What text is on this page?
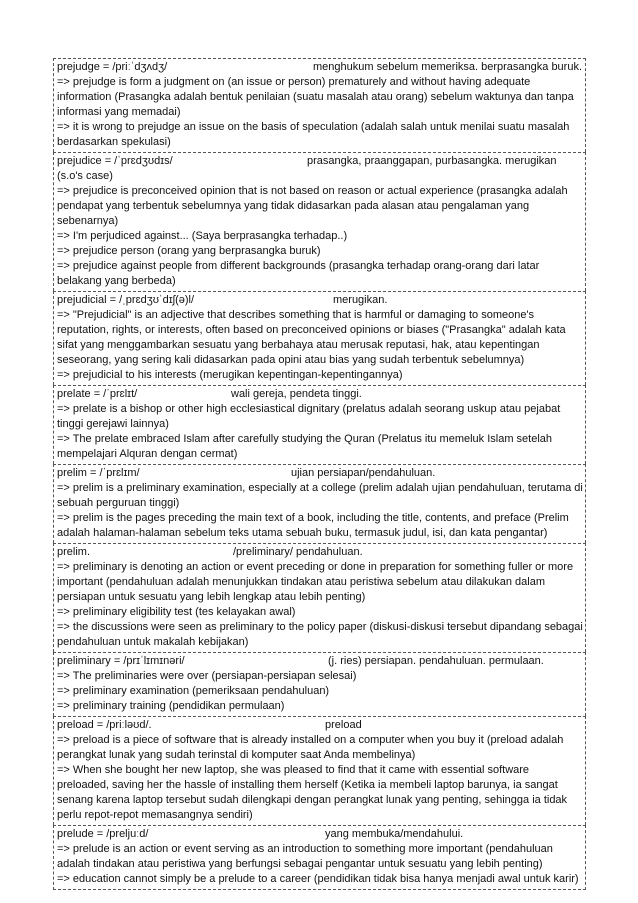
prejudge = /priːˈdʒʌdʒ/	menghukum sebelum memeriksa. berprasangka buruk.

=> prejudge is form a judgment on (an issue or person) prematurely and without having adequate information (Prasangka adalah bentuk penilaian (suatu masalah atau orang) sebelum waktunya dan tanpa informasi yang memadai)

=> it is wrong to prejudge an issue on the basis of speculation (adalah salah untuk menilai suatu masalah berdasarkan spekulasi)

prejudice = /ˈprɛdʒʊdɪs/	prasangka, praanggapan, purbasangka. merugikan (s.o's case)

=> prejudice is preconceived opinion that is not based on reason or actual experience (prasangka adalah pendapat yang terbentuk sebelumnya yang tidak didasarkan pada alasan atau pengalaman yang sebenarnya)

=> I'm perjudiced against... (Saya berprasangka terhadap..)

=> prejudice person (orang yang berprasangka buruk)

=> prejudice against people from different backgrounds (prasangka terhadap orang-orang dari latar belakang yang berbeda)

prejudicial = /ˌprɛdʒʊˈdɪʃ(ə)l/	merugikan.

=> "Prejudicial" is an adjective that describes something that is harmful or damaging to someone's reputation, rights, or interests, often based on preconceived opinions or biases ("Prasangka" adalah kata sifat yang menggambarkan sesuatu yang berbahaya atau merusak reputasi, hak, atau kepentingan seseorang, yang sering kali didasarkan pada opini atau bias yang sudah terbentuk sebelumnya)

=> prejudicial to his interests (merugikan kepentingan-kepentingannya)

prelate = /ˈprɛlɪt/	wali gereja, pendeta tinggi.

=> prelate is a bishop or other high ecclesiastical dignitary (prelatus adalah seorang uskup atau pejabat tinggi gerejawi lainnya)

=> The prelate embraced Islam after carefully studying the Quran (Prelatus itu memeluk Islam setelah mempelajari Alquran dengan cermat)

prelim = /ˈprɛlɪm/	ujian persiapan/pendahuluan.

=> prelim is a preliminary examination, especially at a college (prelim adalah ujian pendahuluan, terutama di sebuah perguruan tinggi)

=> prelim is the pages preceding the main text of a book, including the title, contents, and preface (Prelim adalah halaman-halaman sebelum teks utama sebuah buku, termasuk judul, isi, dan kata pengantar)

prelim.	/preliminary/ pendahuluan.

=> preliminary is denoting an action or event preceding or done in preparation for something fuller or more important (pendahuluan adalah menunjukkan tindakan atau peristiwa sebelum atau dilakukan dalam persiapan untuk sesuatu yang lebih lengkap atau lebih penting)

=> preliminary eligibility test (tes kelayakan awal)

=> the discussions were seen as preliminary to the policy paper (diskusi-diskusi tersebut dipandang sebagai pendahuluan untuk makalah kebijakan)

preliminary = /prɪˈlɪmɪnəri/	(j. ries) persiapan. pendahuluan. permulaan.

=> The preliminaries were over (persiapan-persiapan selesai)

=> preliminary examination (pemeriksaan pendahuluan)

=> preliminary training (pendidikan permulaan)

preload = /priːləʊd/.	preload

=> preload is a piece of software that is already installed on a computer when you buy it (preload adalah perangkat lunak yang sudah terinstal di komputer saat Anda membelinya)

=> When she bought her new laptop, she was pleased to find that it came with essential software preloaded, saving her the hassle of installing them herself (Ketika ia membeli laptop barunya, ia sangat senang karena laptop tersebut sudah dilengkapi dengan perangkat lunak yang penting, sehingga ia tidak perlu repot-repot memasangnya sendiri)

prelude = /preljuːd/	yang membuka/mendahului.

=> prelude is an action or event serving as an introduction to something more important (pendahuluan adalah tindakan atau peristiwa yang berfungsi sebagai pengantar untuk sesuatu yang lebih penting)

=> education cannot simply be a prelude to a career (pendidikan tidak bisa hanya menjadi awal untuk karir)
